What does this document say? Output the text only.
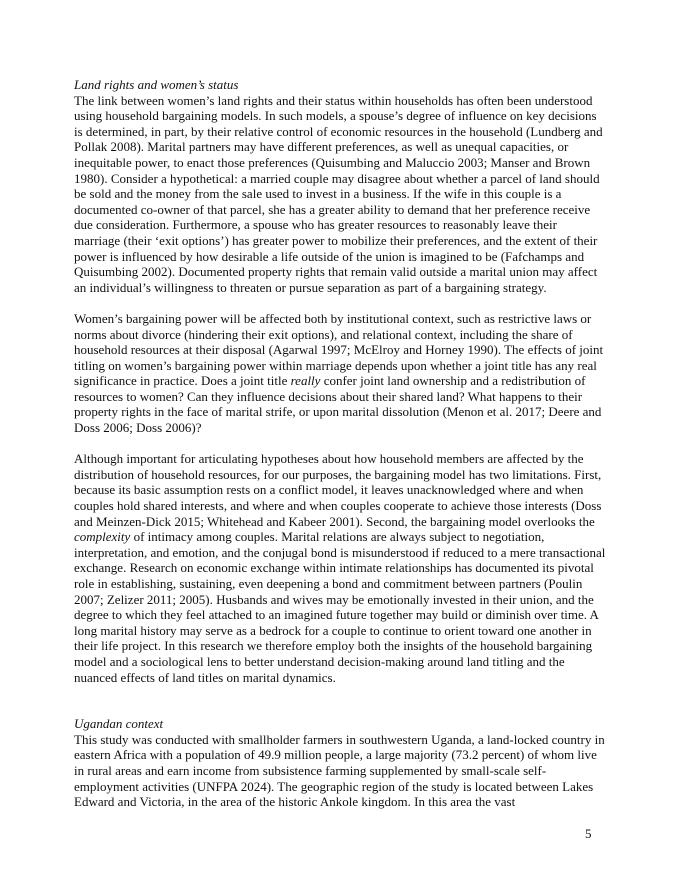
Land rights and women’s status

The link between women’s land rights and their status within households has often been understood using household bargaining models. In such models, a spouse’s degree of influence on key decisions is determined, in part, by their relative control of economic resources in the household (Lundberg and Pollak 2008). Marital partners may have different preferences, as well as unequal capacities, or inequitable power, to enact those preferences (Quisumbing and Maluccio 2003; Manser and Brown 1980). Consider a hypothetical: a married couple may disagree about whether a parcel of land should be sold and the money from the sale used to invest in a business. If the wife in this couple is a documented co-owner of that parcel, she has a greater ability to demand that her preference receive due consideration. Furthermore, a spouse who has greater resources to reasonably leave their marriage (their ‘exit options’) has greater power to mobilize their preferences, and the extent of their power is influenced by how desirable a life outside of the union is imagined to be (Fafchamps and Quisumbing 2002). Documented property rights that remain valid outside a marital union may affect an individual’s willingness to threaten or pursue separation as part of a bargaining strategy.

Women’s bargaining power will be affected both by institutional context, such as restrictive laws or norms about divorce (hindering their exit options), and relational context, including the share of household resources at their disposal (Agarwal 1997; McElroy and Horney 1990). The effects of joint titling on women’s bargaining power within marriage depends upon whether a joint title has any real significance in practice. Does a joint title really confer joint land ownership and a redistribution of resources to women? Can they influence decisions about their shared land? What happens to their property rights in the face of marital strife, or upon marital dissolution (Menon et al. 2017; Deere and Doss 2006; Doss 2006)?

Although important for articulating hypotheses about how household members are affected by the distribution of household resources, for our purposes, the bargaining model has two limitations. First, because its basic assumption rests on a conflict model, it leaves unacknowledged where and when couples hold shared interests, and where and when couples cooperate to achieve those interests (Doss and Meinzen-Dick 2015; Whitehead and Kabeer 2001). Second, the bargaining model overlooks the complexity of intimacy among couples. Marital relations are always subject to negotiation, interpretation, and emotion, and the conjugal bond is misunderstood if reduced to a mere transactional exchange. Research on economic exchange within intimate relationships has documented its pivotal role in establishing, sustaining, even deepening a bond and commitment between partners (Poulin 2007; Zelizer 2011; 2005). Husbands and wives may be emotionally invested in their union, and the degree to which they feel attached to an imagined future together may build or diminish over time. A long marital history may serve as a bedrock for a couple to continue to orient toward one another in their life project. In this research we therefore employ both the insights of the household bargaining model and a sociological lens to better understand decision-making around land titling and the nuanced effects of land titles on marital dynamics.

Ugandan context

This study was conducted with smallholder farmers in southwestern Uganda, a land-locked country in eastern Africa with a population of 49.9 million people, a large majority (73.2 percent) of whom live in rural areas and earn income from subsistence farming supplemented by small-scale self-employment activities (UNFPA 2024). The geographic region of the study is located between Lakes Edward and Victoria, in the area of the historic Ankole kingdom. In this area the vast

5
